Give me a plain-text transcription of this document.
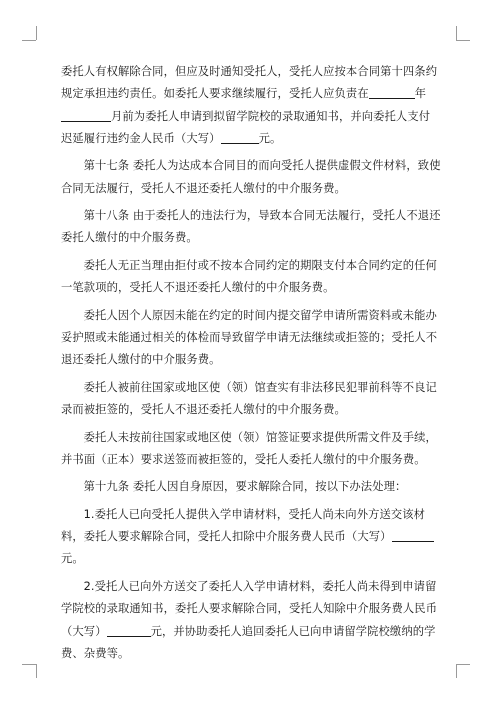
委托人有权解除合同，但应及时通知受托人，受托人应按本合同第十四条约规定承担违约责任。如委托人要求继续履行，受托人应负责在	年月前为委托人申请到拟留学院校的录取通知书，并向委托人支付迟延履行违约金人民币（大写）	元。

第十七条 委托人为达成本合同目的而向受托人提供虚假文件材料，致使合同无法履行，受托人不退还委托人缴付的中介服务费。

第十八条 由于委托人的违法行为，导致本合同无法履行，受托人不退还委托人缴付的中介服务费。

委托人无正当理由拒付或不按本合同约定的期限支付本合同约定的任何一笔款项的，受托人不退还委托人缴付的中介服务费。

委托人因个人原因未能在约定的时间内提交留学申请所需资料或未能办妥护照或未能通过相关的体检而导致留学申请无法继续或拒签的；受托人不退还委托人缴付的中介服务费。

委托人被前往国家或地区使（领）馆查实有非法移民犯罪前科等不良记录而被拒签的，受托人不退还委托人缴付的中介服务费。

委托人未按前往国家或地区使（领）馆签证要求提供所需文件及手续，并书面（正本）要求送签而被拒签的，受托人委托人缴付的中介服务费。

第十九条 委托人因自身原因，要求解除合同，按以下办法处理：

1.委托人已向受托人提供入学申请材料，受托人尚未向外方送交该材料，委托人要求解除合同，受托人扣除中介服务费人民币（大写）元。

2.受托人已向外方送交了委托人入学申请材料，委托人尚未得到申请留学院校的录取通知书，委托人要求解除合同，受托人知除中介服务费人民币（大写）	元，并协助委托人追回委托人已向申请留学院校缴纳的学费、杂费等。
